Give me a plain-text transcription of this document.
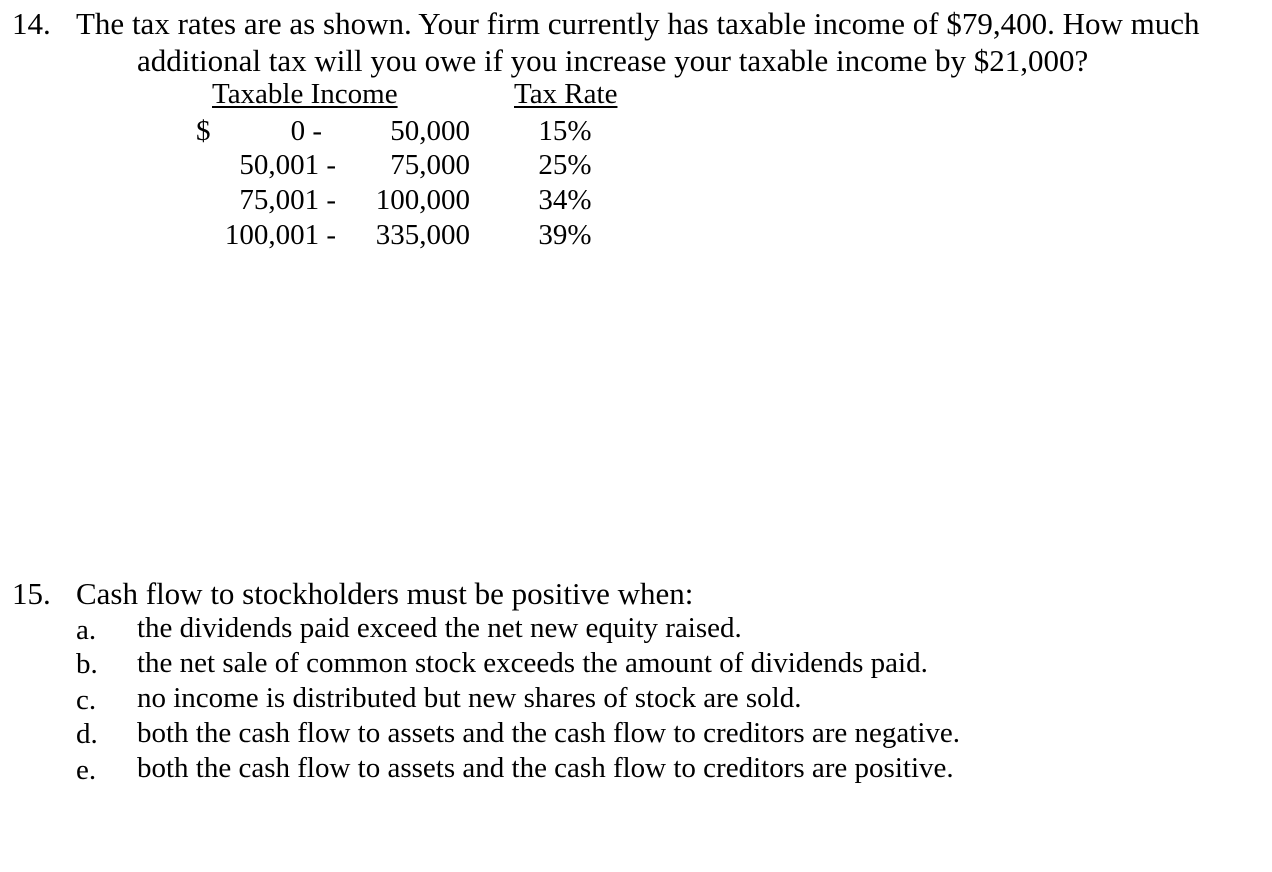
14. The tax rates are as shown. Your firm currently has taxable income of $79,400. How much
additional tax will you owe if you increase your taxable income by $21,000?
Taxable Income	Tax Rate
$	0 -	50,000	15%
50,001 -	75,000	25%
75,001 -	100,000	34%
100,001 -	335,000	39%
15. Cash flow to stockholders must be positive when:
a. the dividends paid exceed the net new equity raised.
b. the net sale of common stock exceeds the amount of dividends paid.
c. no income is distributed but new shares of stock are sold.
d. both the cash flow to assets and the cash flow to creditors are negative.
e. both the cash flow to assets and the cash flow to creditors are positive.
